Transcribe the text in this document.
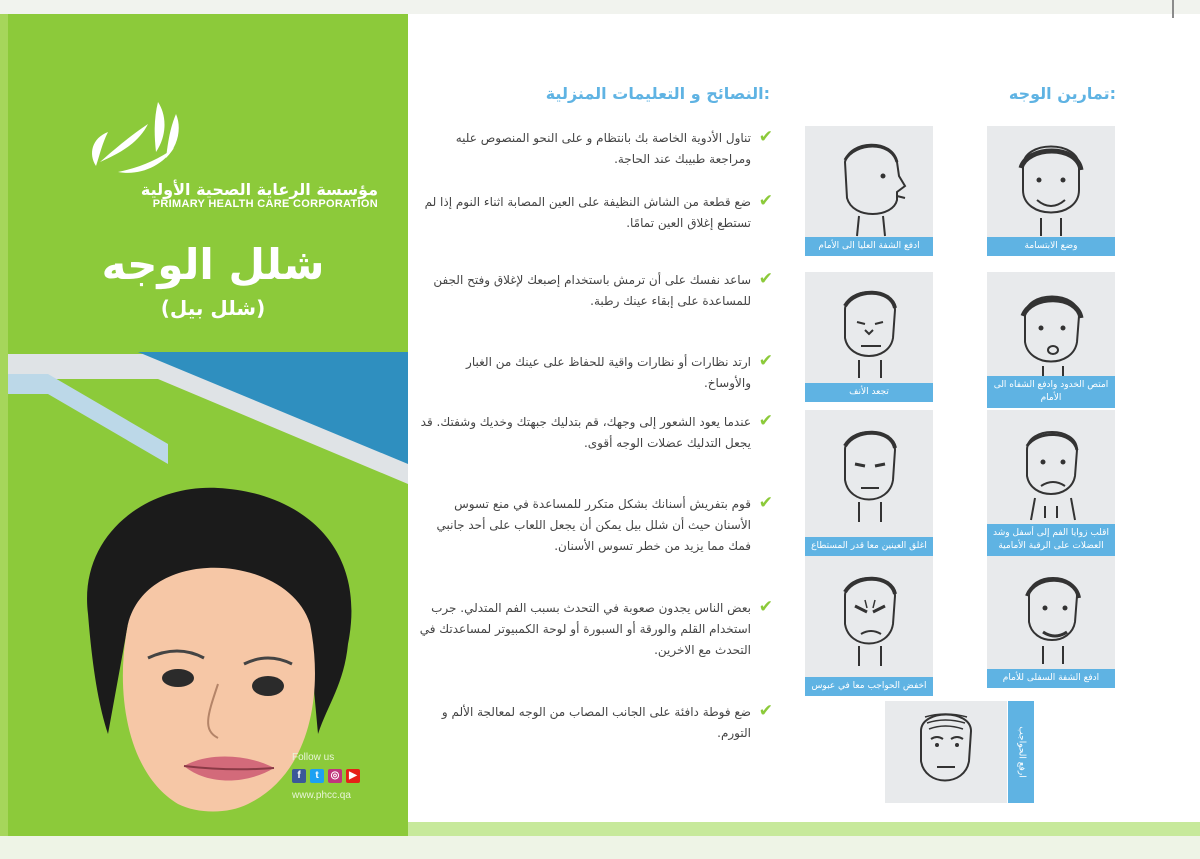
مؤسسة الرعاية الصحية الأولية
PRIMARY HEALTH CARE CORPORATION
شلل الوجه
(شلل بيل)
Follow us
f	t	◎ ▶
www.phcc.qa
النصائح و التعليمات المنزلية:
✔
تناول الأدوية الخاصة بك بانتظام و على النحو المنصوص عليه ومراجعة طبيبك عند الحاجة.
✔
ضع قطعة من الشاش النظيفة على العين المصابة اثناء النوم إذا لم تستطع إغلاق العين تمامًا.
✔
ساعد نفسك على أن ترمش باستخدام إصبعك لإغلاق وفتح الجفن للمساعدة على إبقاء عينك رطبة.
✔
ارتد نظارات أو نظارات واقية للحفاظ على عينك من الغبار والأوساخ.
✔
عندما يعود الشعور إلى وجهك، قم بتدليك جبهتك وخديك وشفتك. قد يجعل التدليك عضلات الوجه أقوى.
✔
قوم بتفريش أسنانك بشكل متكرر للمساعدة في منع تسوس الأسنان حيث أن شلل بيل يمكن أن يجعل اللعاب على أحد جانبي فمك مما يزيد من خطر تسوس الأسنان.
✔
بعض الناس يجدون صعوبة في التحدث بسبب الفم المتدلي. جرب استخدام القلم والورقة أو السبورة أو لوحة الكمبيوتر لمساعدتك في التحدث مع الاخرين.
✔
ضع فوطة دافئة على الجانب المصاب من الوجه لمعالجة الألم و التورم.
تمارين الوجه:
وضع الابتسامة
امتص الخدود وادفع الشفاه الى الأمام
اقلب زوايا الفم إلى أسفل وشد العضلات على الرقبة الأمامية
ادفع الشفة السفلى للأمام
ادفع الشفة العليا الى الأمام
تجعد الأنف
اغلق العينين معا قدر المستطاع
اخفض الحواجب معا في عبوس
ارفع الحواجب
